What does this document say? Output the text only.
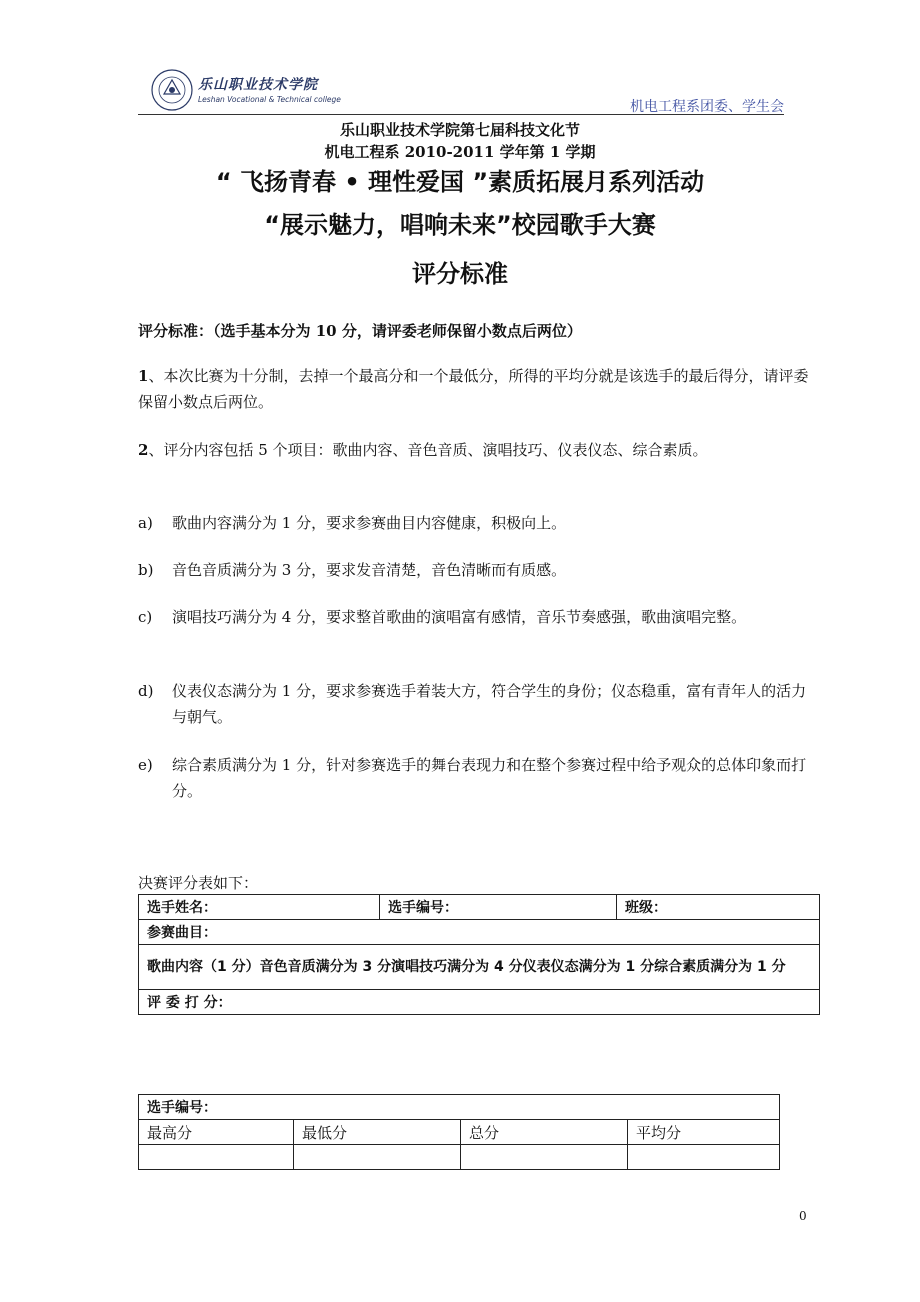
乐山职业技术学院
Leshan Vocational & Technical college	机电工程系团委、学生会
乐山职业技术学院第七届科技文化节
机电工程系 2010-2011 学年第 1 学期
“ 飞扬青春 • 理性爱国 ”素质拓展月系列活动
“展示魅力，唱响未来”校园歌手大赛
评分标准
评分标准：（选手基本分为 10 分，请评委老师保留小数点后两位）
1、本次比赛为十分制，去掉一个最高分和一个最低分，所得的平均分就是该选手的最后得分，请评委保留小数点后两位。
2、评分内容包括 5 个项目：歌曲内容、音色音质、演唱技巧、仪表仪态、综合素质。
a) 歌曲内容满分为 1 分，要求参赛曲目内容健康，积极向上。
b) 音色音质满分为 3 分，要求发音清楚，音色清晰而有质感。
c) 演唱技巧满分为 4 分，要求整首歌曲的演唱富有感情，音乐节奏感强，歌曲演唱完整。
d) 仪表仪态满分为 1 分，要求参赛选手着装大方，符合学生的身份；仪态稳重，富有青年人的活力与朝气。
e) 综合素质满分为 1 分，针对参赛选手的舞台表现力和在整个参赛过程中给予观众的总体印象而打分。
决赛评分表如下：
选手姓名：	选手编号：	班级：
参赛曲目：
歌曲内容（1 分）音色音质满分为 3 分演唱技巧满分为 4 分仪表仪态满分为 1 分综合素质满分为 1 分
评 委 打 分：
选手编号：			
最高分	最低分	总分	平均分

0
